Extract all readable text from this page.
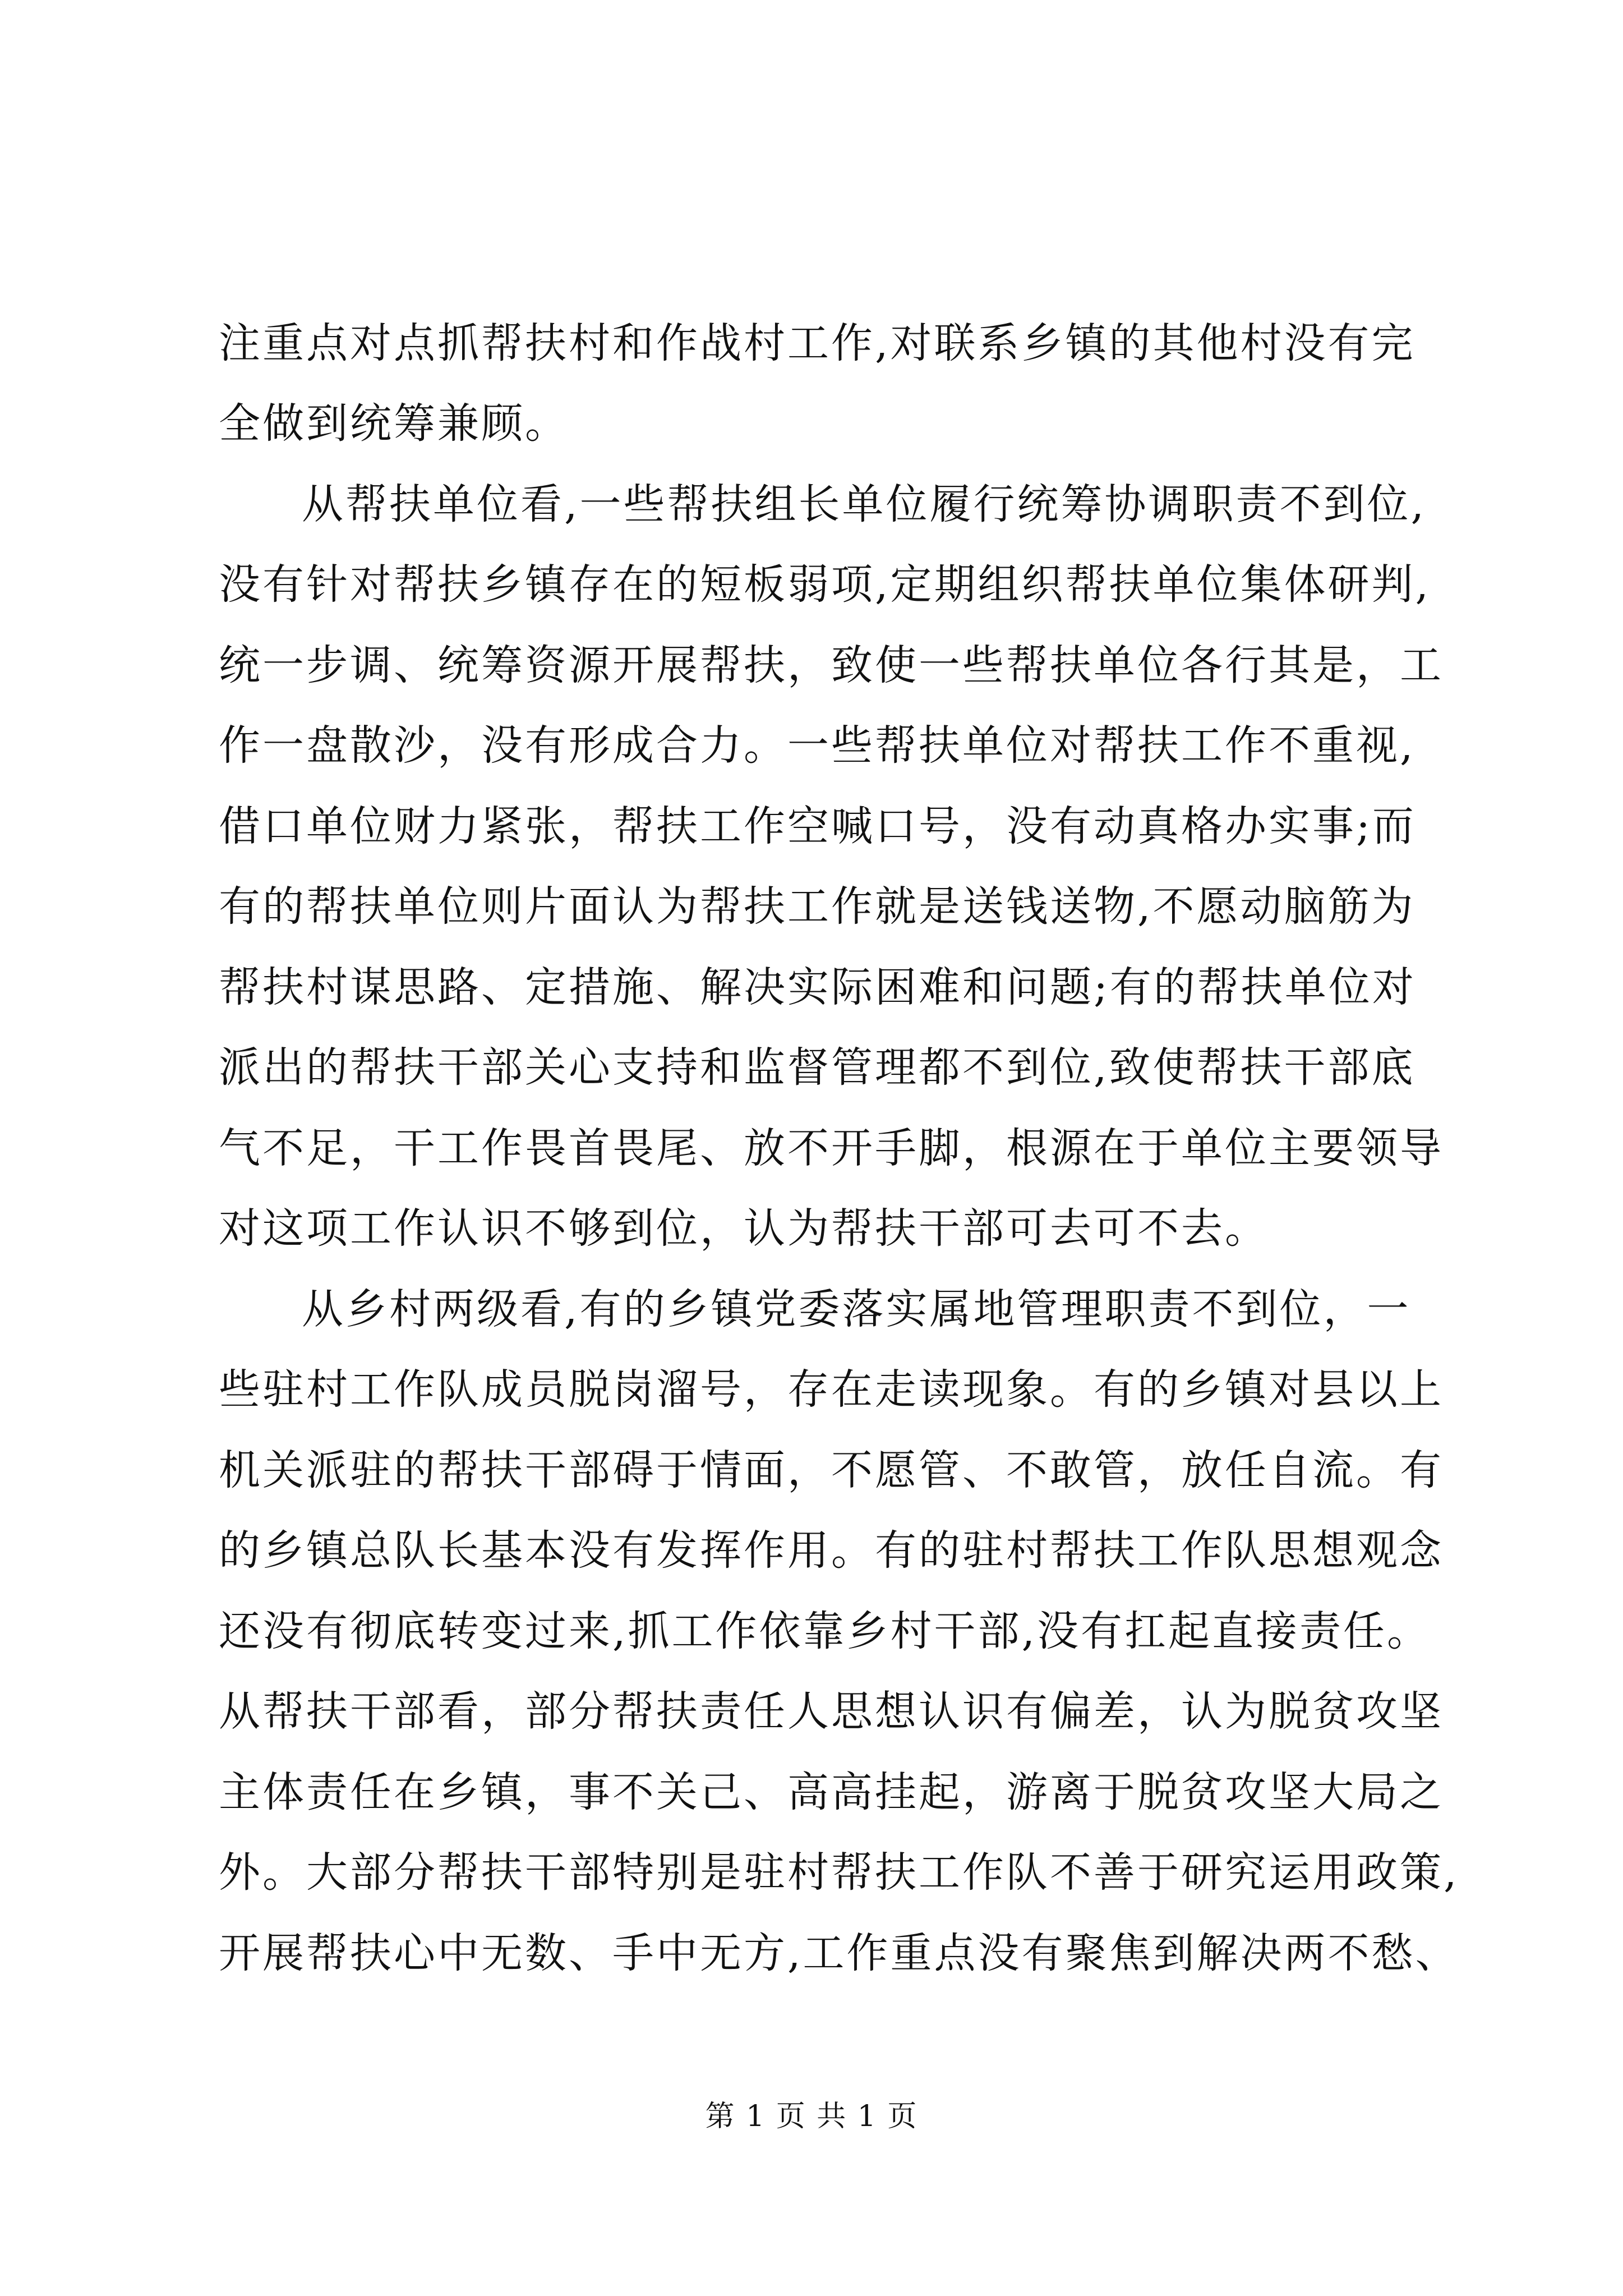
注重点对点抓帮扶村和作战村工作,对联系乡镇的其他村没有完
全做到统筹兼顾。
从帮扶单位看,一些帮扶组长单位履行统筹协调职责不到位,
没有针对帮扶乡镇存在的短板弱项,定期组织帮扶单位集体研判,
统一步调、统筹资源开展帮扶，致使一些帮扶单位各行其是，工
作一盘散沙，没有形成合力。一些帮扶单位对帮扶工作不重视,
借口单位财力紧张，帮扶工作空喊口号，没有动真格办实事;而
有的帮扶单位则片面认为帮扶工作就是送钱送物,不愿动脑筋为
帮扶村谋思路、定措施、解决实际困难和问题;有的帮扶单位对
派出的帮扶干部关心支持和监督管理都不到位,致使帮扶干部底
气不足，干工作畏首畏尾、放不开手脚，根源在于单位主要领导
对这项工作认识不够到位，认为帮扶干部可去可不去。
从乡村两级看,有的乡镇党委落实属地管理职责不到位，一
些驻村工作队成员脱岗溜号，存在走读现象。有的乡镇对县以上
机关派驻的帮扶干部碍于情面，不愿管、不敢管，放任自流。有
的乡镇总队长基本没有发挥作用。有的驻村帮扶工作队思想观念
还没有彻底转变过来,抓工作依靠乡村干部,没有扛起直接责任。
从帮扶干部看，部分帮扶责任人思想认识有偏差，认为脱贫攻坚
主体责任在乡镇，事不关己、高高挂起，游离于脱贫攻坚大局之
外。大部分帮扶干部特别是驻村帮扶工作队不善于研究运用政策,
开展帮扶心中无数、手中无方,工作重点没有聚焦到解决两不愁、
第 1 页 共 1 页
